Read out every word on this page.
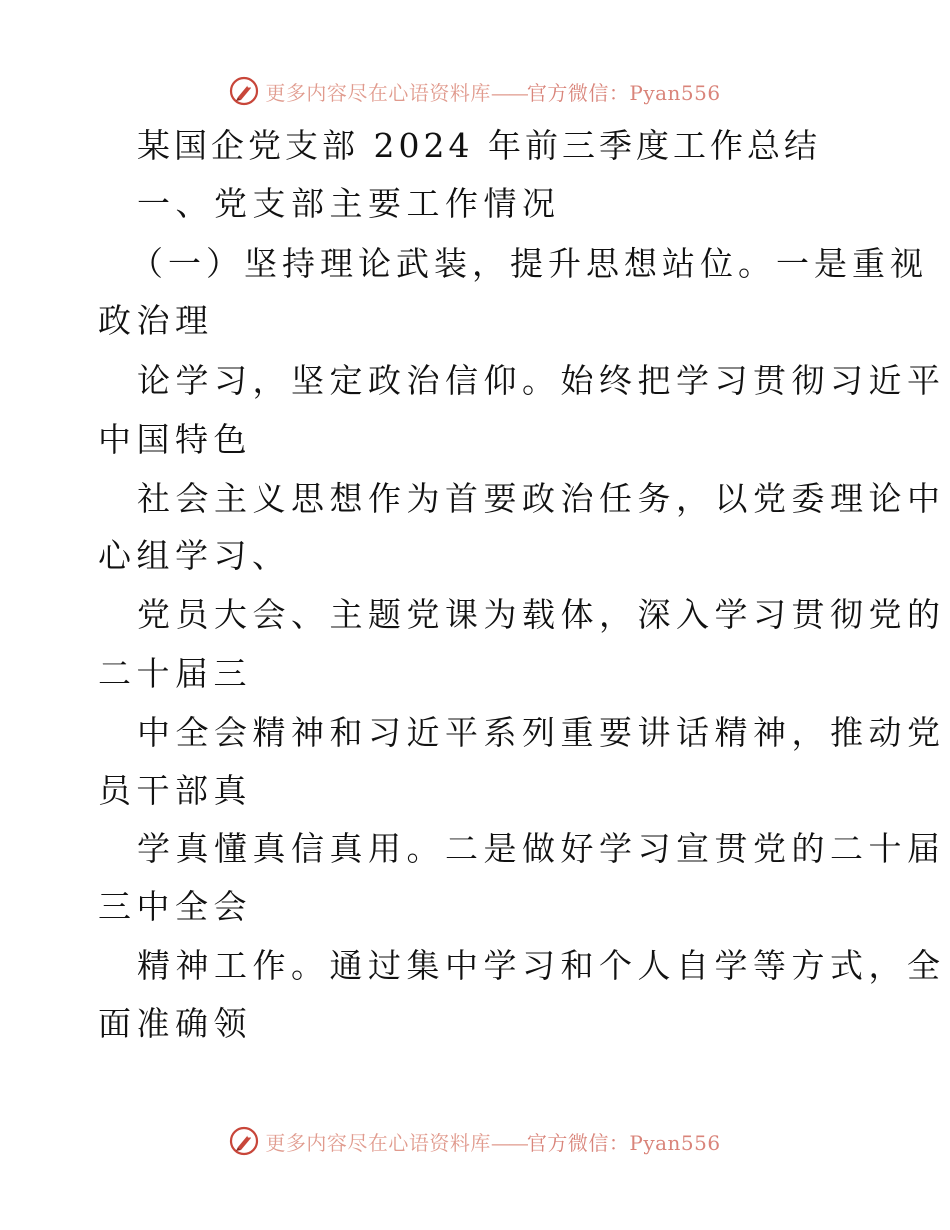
更多内容尽在心语资料库——官方微信：Pyan556
某国企党支部 2024 年前三季度工作总结
一、党支部主要工作情况
（一）坚持理论武装，提升思想站位。一是重视
政治理
论学习，坚定政治信仰。始终把学习贯彻习近平
中国特色
社会主义思想作为首要政治任务，以党委理论中
心组学习、
党员大会、主题党课为载体，深入学习贯彻党的
二十届三
中全会精神和习近平系列重要讲话精神，推动党
员干部真
学真懂真信真用。二是做好学习宣贯党的二十届
三中全会
精神工作。通过集中学习和个人自学等方式，全
面准确领
更多内容尽在心语资料库——官方微信：Pyan556
